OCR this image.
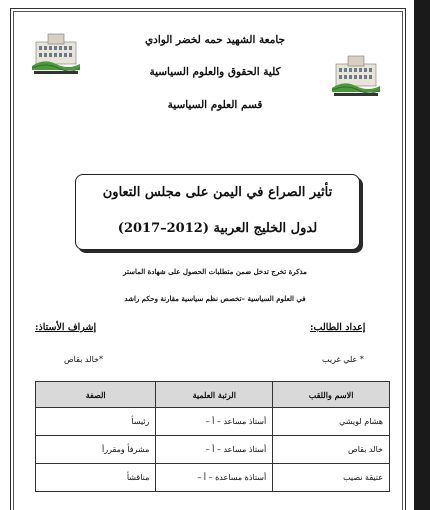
جامعة الشهيد حمه لخضر الوادي
كلية الحقوق والعلوم السياسية
قسم العلوم السياسية
تأثير الصراع في اليمن على مجلس التعاون
لدول الخليج العربية (2012–2017)
مذكرة تخرج تدخل ضمن متطلبات الحصول على شهادة الماستر
في العلوم السياسية –تخصص نظم سياسية مقارنة وحكم راشد
إعداد الطالب:
إشراف الأستاذ:
* علي غريب
*خالد بقاص
الاسم واللقب	الرتبة العلمية	الصفة
هشام لويشي	أستاذ مساعد – أ –	رئيسأ
خالد بقاص	أستاذ مساعد – أ –	مشرفأ ومقررأ
عتيقة نصيب	أستاذة مساعدة – أ –	مناقشأ
